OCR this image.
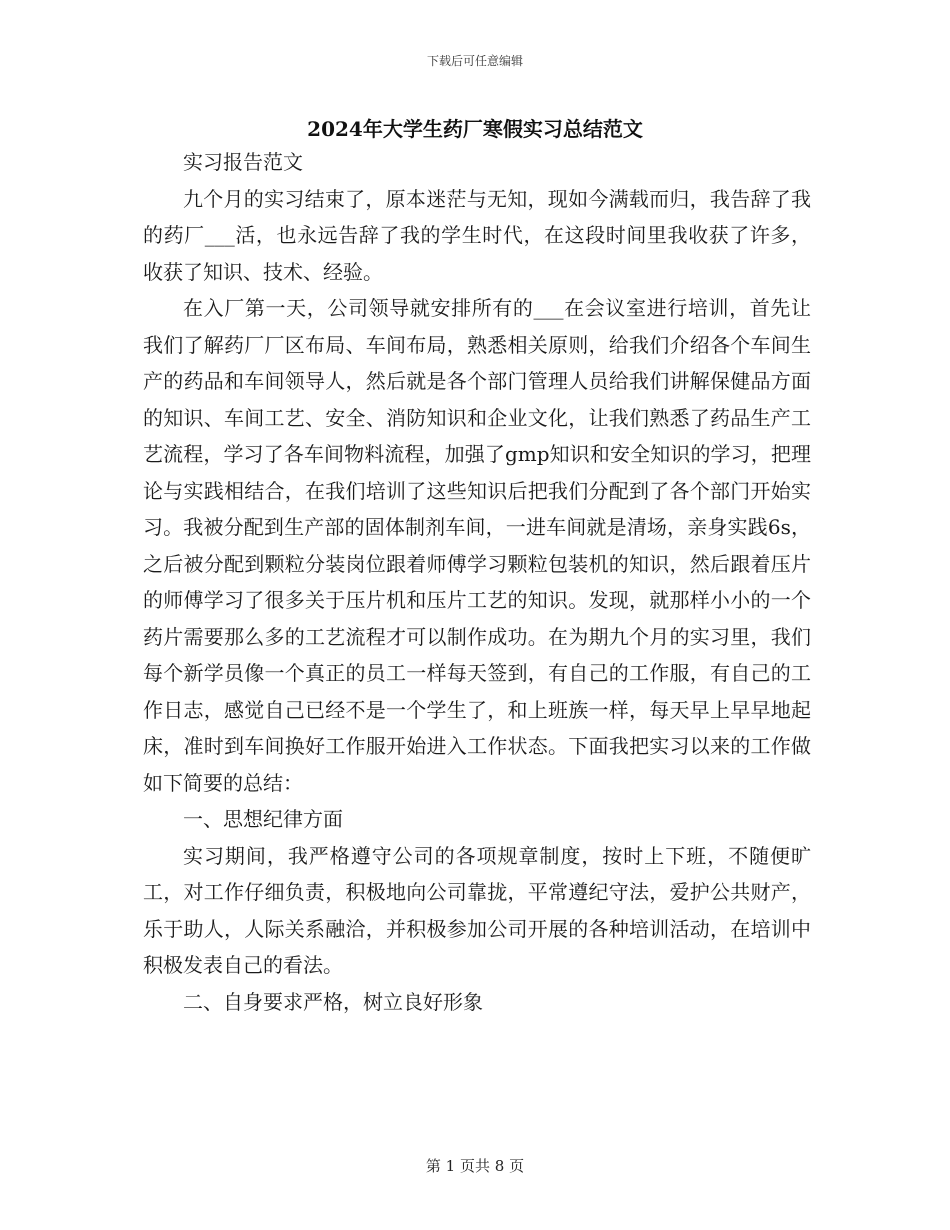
下载后可任意编辑
2024年大学生药厂寒假实习总结范文

实习报告范文

九个月的实习结束了，原本迷茫与无知，现如今满载而归，我告辞了我的药厂___活，也永远告辞了我的学生时代，在这段时间里我收获了许多，收获了知识、技术、经验。

在入厂第一天，公司领导就安排所有的___在会议室进行培训，首先让我们了解药厂厂区布局、车间布局，熟悉相关原则，给我们介绍各个车间生产的药品和车间领导人，然后就是各个部门管理人员给我们讲解保健品方面的知识、车间工艺、安全、消防知识和企业文化，让我们熟悉了药品生产工艺流程，学习了各车间物料流程，加强了gmp知识和安全知识的学习，把理论与实践相结合，在我们培训了这些知识后把我们分配到了各个部门开始实习。我被分配到生产部的固体制剂车间，一进车间就是清场，亲身实践6s，之后被分配到颗粒分装岗位跟着师傅学习颗粒包装机的知识，然后跟着压片的师傅学习了很多关于压片机和压片工艺的知识。发现，就那样小小的一个药片需要那么多的工艺流程才可以制作成功。在为期九个月的实习里，我们每个新学员像一个真正的员工一样每天签到，有自己的工作服，有自己的工作日志，感觉自己已经不是一个学生了，和上班族一样，每天早上早早地起床，准时到车间换好工作服开始进入工作状态。下面我把实习以来的工作做如下简要的总结：

一、思想纪律方面

实习期间，我严格遵守公司的各项规章制度，按时上下班，不随便旷工，对工作仔细负责，积极地向公司靠拢，平常遵纪守法，爱护公共财产，乐于助人，人际关系融洽，并积极参加公司开展的各种培训活动，在培训中积极发表自己的看法。

二、自身要求严格，树立良好形象

第 1 页共 8 页
